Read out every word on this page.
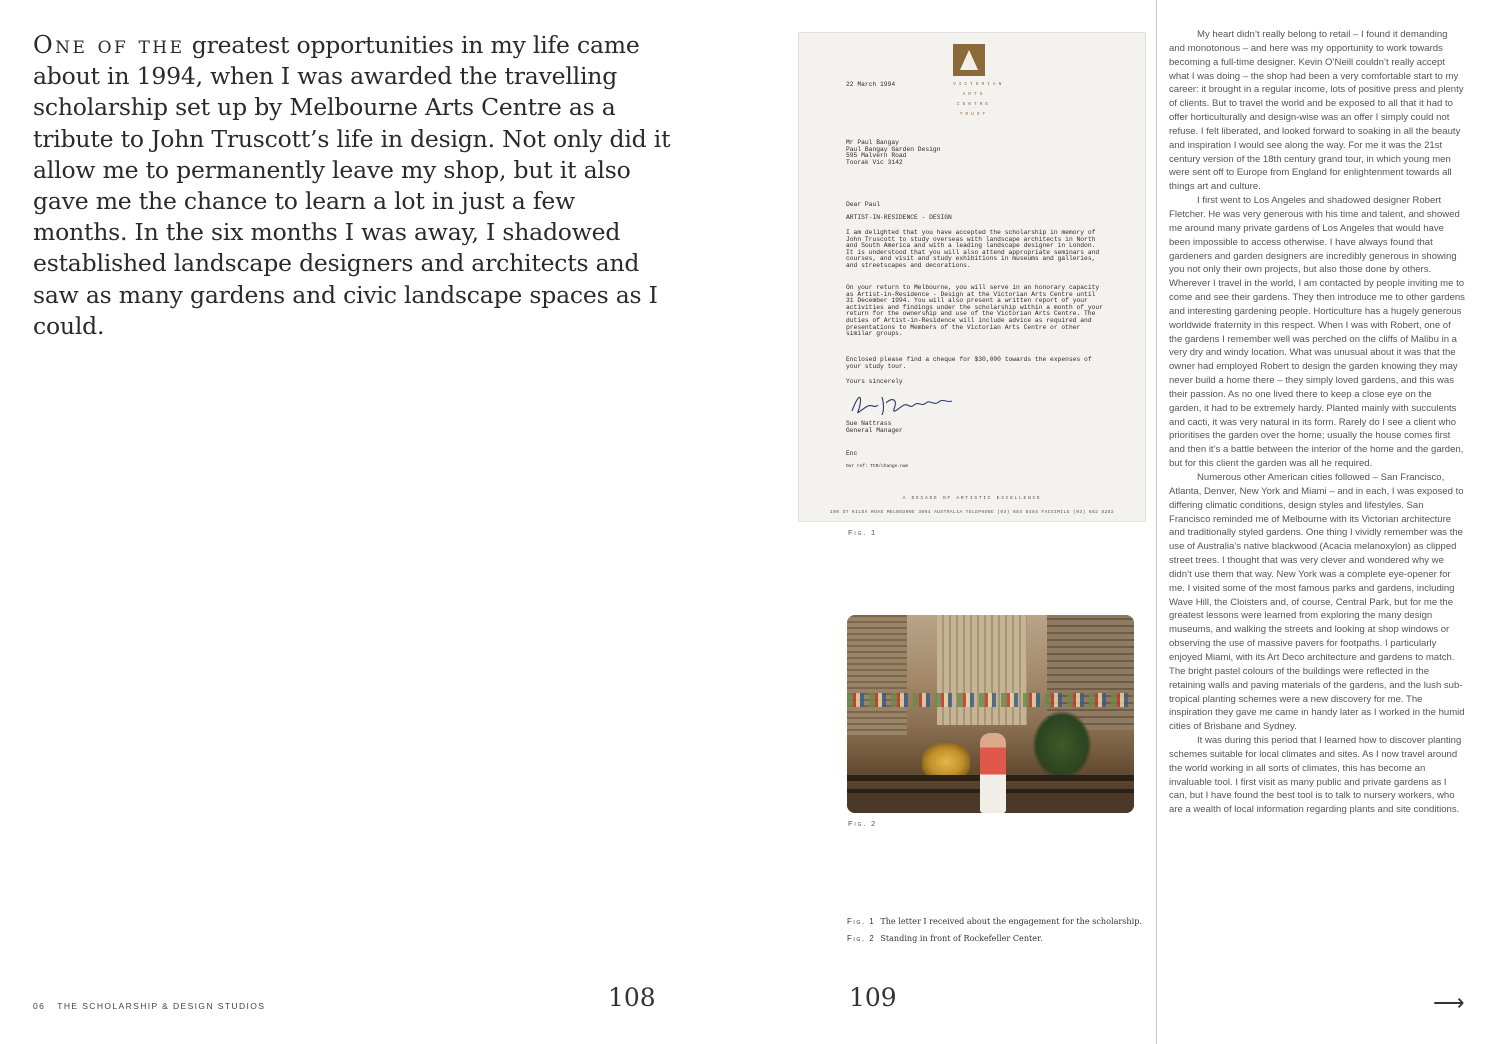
One of the greatest opportunities in my life came about in 1994, when I was awarded the travelling scholarship set up by Melbourne Arts Centre as a tribute to John Truscott’s life in design. Not only did it allow me to permanently leave my shop, but it also gave me the chance to learn a lot in just a few months. In the six months I was away, I shadowed established landscape designers and architects and saw as many gardens and civic landscape spaces as I could.

06 THE SCHOLARSHIP & DESIGN STUDIOS	108
VICTORIAN
ARTS
CENTRE
TRUST
22 March 1994
Mr Paul Bangay
Paul Bangay Garden Design
595 Malvern Road
Toorak Vic 3142
Dear Paul
ARTIST-IN-RESIDENCE - DESIGN
I am delighted that you have accepted the scholarship in memory of John Truscott to study overseas with landscape architects in North and South America and with a leading landscape designer in London. It is understood that you will also attend appropriate seminars and courses, and visit and study exhibitions in museums and galleries, and streetscapes and decorations.
On your return to Melbourne, you will serve in an honorary capacity as Artist-in-Residence - Design at the Victorian Arts Centre until 31 December 1994. You will also present a written report of your activities and findings under the scholarship within a month of your return for the ownership and use of the Victorian Arts Centre. The duties of Artist-in-Residence will include advice as required and presentations to Members of the Victorian Arts Centre or other similar groups.
Enclosed please find a cheque for $30,000 towards the expenses of your study tour.
Yours sincerely
Sue Nattrass
General Manager
Enc
Our ref: TCR/change.num
A DECADE OF ARTISTIC EXCELLENCE
100 ST KILDA ROAD MELBOURNE 3004 AUSTRALIA TELEPHONE (03) 684 8484 FACSIMILE (03) 682 8282
Fig. 1
Fig. 2
Fig. 1 The letter I received about the engagement for the scholarship.
Fig. 2 Standing in front of Rockefeller Center.
109

My heart didn’t really belong to retail – I found it demanding and monotonous – and here was my opportunity to work towards becoming a full-time designer. Kevin O’Neill couldn’t really accept what I was doing – the shop had been a very comfortable start to my career: it brought in a regular income, lots of positive press and plenty of clients. But to travel the world and be exposed to all that it had to offer horticulturally and design-wise was an offer I simply could not refuse. I felt liberated, and looked forward to soaking in all the beauty and inspiration I would see along the way. For me it was the 21st century version of the 18th century grand tour, in which young men were sent off to Europe from England for enlightenment towards all things art and culture.

I first went to Los Angeles and shadowed designer Robert Fletcher. He was very generous with his time and talent, and showed me around many private gardens of Los Angeles that would have been impossible to access otherwise. I have always found that gardeners and garden designers are incredibly generous in showing you not only their own projects, but also those done by others. Wherever I travel in the world, I am contacted by people inviting me to come and see their gardens. They then introduce me to other gardens and interesting gardening people. Horticulture has a hugely generous worldwide fraternity in this respect. When I was with Robert, one of the gardens I remember well was perched on the cliffs of Malibu in a very dry and windy location. What was unusual about it was that the owner had employed Robert to design the garden knowing they may never build a home there – they simply loved gardens, and this was their passion. As no one lived there to keep a close eye on the garden, it had to be extremely hardy. Planted mainly with succulents and cacti, it was very natural in its form. Rarely do I see a client who prioritises the garden over the home; usually the house comes first and then it’s a battle between the interior of the home and the garden, but for this client the garden was all he required.

Numerous other American cities followed – San Francisco, Atlanta, Denver, New York and Miami – and in each, I was exposed to differing climatic conditions, design styles and lifestyles. San Francisco reminded me of Melbourne with its Victorian architecture and traditionally styled gardens. One thing I vividly remember was the use of Australia’s native blackwood (Acacia melanoxylon) as clipped street trees. I thought that was very clever and wondered why we didn’t use them that way. New York was a complete eye-opener for me. I visited some of the most famous parks and gardens, including Wave Hill, the Cloisters and, of course, Central Park, but for me the greatest lessons were learned from exploring the many design museums, and walking the streets and looking at shop windows or observing the use of massive pavers for footpaths. I particularly enjoyed Miami, with its Art Deco architecture and gardens to match. The bright pastel colours of the buildings were reflected in the retaining walls and paving materials of the gardens, and the lush sub-tropical planting schemes were a new discovery for me. The inspiration they gave me came in handy later as I worked in the humid cities of Brisbane and Sydney.

It was during this period that I learned how to discover planting schemes suitable for local climates and sites. As I now travel around the world working in all sorts of climates, this has become an invaluable tool. I first visit as many public and private gardens as I can, but I have found the best tool is to talk to nursery workers, who are a wealth of local information regarding plants and site conditions.

⟶
